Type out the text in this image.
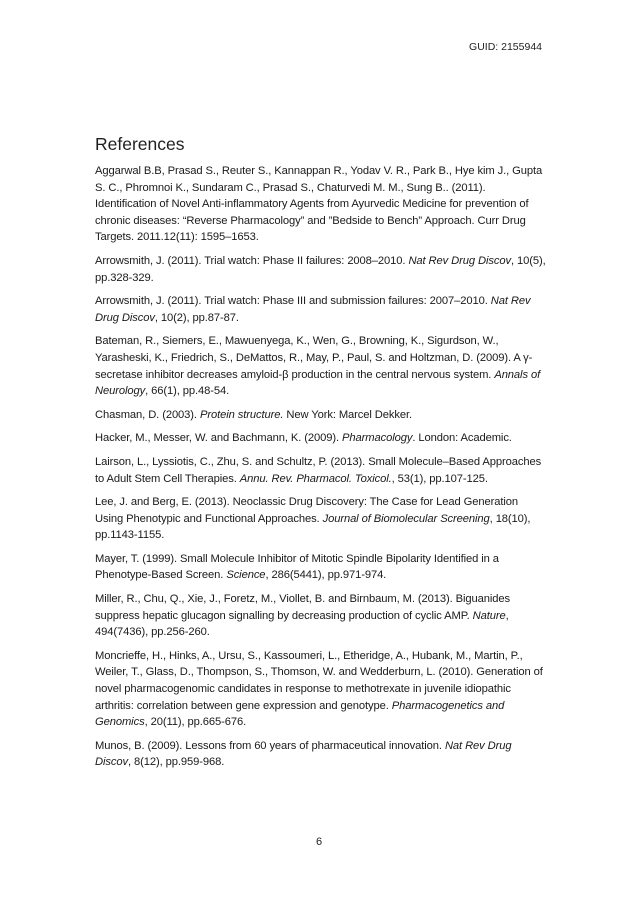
GUID: 2155944
References
Aggarwal B.B, Prasad S., Reuter S., Kannappan R., Yodav V. R., Park B., Hye kim J., Gupta S. C., Phromnoi K., Sundaram C., Prasad S., Chaturvedi M. M., Sung B.. (2011). Identification of Novel Anti-inflammatory Agents from Ayurvedic Medicine for prevention of chronic diseases: “Reverse Pharmacology” and ”Bedside to Bench” Approach. Curr Drug Targets. 2011.12(11): 1595–1653.
Arrowsmith, J. (2011). Trial watch: Phase II failures: 2008–2010. Nat Rev Drug Discov, 10(5), pp.328-329.
Arrowsmith, J. (2011). Trial watch: Phase III and submission failures: 2007–2010. Nat Rev Drug Discov, 10(2), pp.87-87.
Bateman, R., Siemers, E., Mawuenyega, K., Wen, G., Browning, K., Sigurdson, W., Yarasheski, K., Friedrich, S., DeMattos, R., May, P., Paul, S. and Holtzman, D. (2009). A γ-secretase inhibitor decreases amyloid-β production in the central nervous system. Annals of Neurology, 66(1), pp.48-54.
Chasman, D. (2003). Protein structure. New York: Marcel Dekker.
Hacker, M., Messer, W. and Bachmann, K. (2009). Pharmacology. London: Academic.
Lairson, L., Lyssiotis, C., Zhu, S. and Schultz, P. (2013). Small Molecule–Based Approaches to Adult Stem Cell Therapies. Annu. Rev. Pharmacol. Toxicol., 53(1), pp.107-125.
Lee, J. and Berg, E. (2013). Neoclassic Drug Discovery: The Case for Lead Generation Using Phenotypic and Functional Approaches. Journal of Biomolecular Screening, 18(10), pp.1143-1155.
Mayer, T. (1999). Small Molecule Inhibitor of Mitotic Spindle Bipolarity Identified in a Phenotype-Based Screen. Science, 286(5441), pp.971-974.
Miller, R., Chu, Q., Xie, J., Foretz, M., Viollet, B. and Birnbaum, M. (2013). Biguanides suppress hepatic glucagon signalling by decreasing production of cyclic AMP. Nature, 494(7436), pp.256-260.
Moncrieffe, H., Hinks, A., Ursu, S., Kassoumeri, L., Etheridge, A., Hubank, M., Martin, P., Weiler, T., Glass, D., Thompson, S., Thomson, W. and Wedderburn, L. (2010). Generation of novel pharmacogenomic candidates in response to methotrexate in juvenile idiopathic arthritis: correlation between gene expression and genotype. Pharmacogenetics and Genomics, 20(11), pp.665-676.
Munos, B. (2009). Lessons from 60 years of pharmaceutical innovation. Nat Rev Drug Discov, 8(12), pp.959-968.
6
